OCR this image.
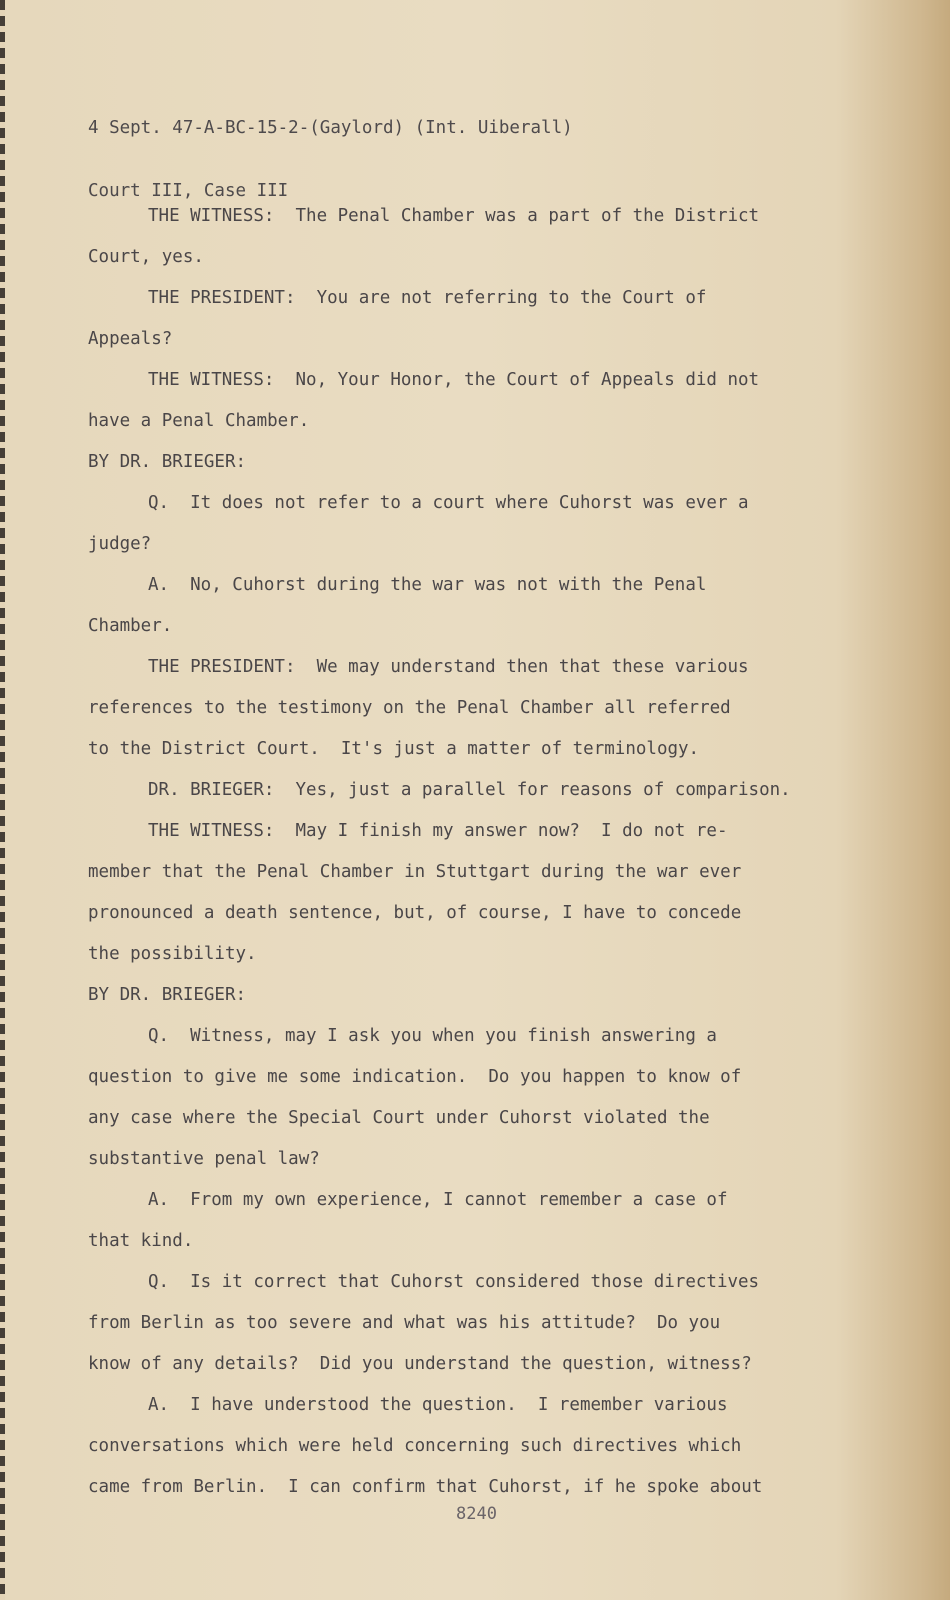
4 Sept. 47-A-BC-15-2-(Gaylord) (Int. Uiberall)

Court III, Case III

THE WITNESS:  The Penal Chamber was a part of the District
Court, yes.
THE PRESIDENT:  You are not referring to the Court of
Appeals?
THE WITNESS:  No, Your Honor, the Court of Appeals did not
have a Penal Chamber.
BY DR. BRIEGER:
Q.  It does not refer to a court where Cuhorst was ever a
judge?
A.  No, Cuhorst during the war was not with the Penal
Chamber.
THE PRESIDENT:  We may understand then that these various
references to the testimony on the Penal Chamber all referred
to the District Court.  It's just a matter of terminology.
DR. BRIEGER:  Yes, just a parallel for reasons of comparison.
THE WITNESS:  May I finish my answer now?  I do not re-
member that the Penal Chamber in Stuttgart during the war ever
pronounced a death sentence, but, of course, I have to concede
the possibility.
BY DR. BRIEGER:
Q.  Witness, may I ask you when you finish answering a
question to give me some indication.  Do you happen to know of
any case where the Special Court under Cuhorst violated the
substantive penal law?
A.  From my own experience, I cannot remember a case of
that kind.
Q.  Is it correct that Cuhorst considered those directives
from Berlin as too severe and what was his attitude?  Do you
know of any details?  Did you understand the question, witness?
A.  I have understood the question.  I remember various
conversations which were held concerning such directives which
came from Berlin.  I can confirm that Cuhorst, if he spoke about
8240
